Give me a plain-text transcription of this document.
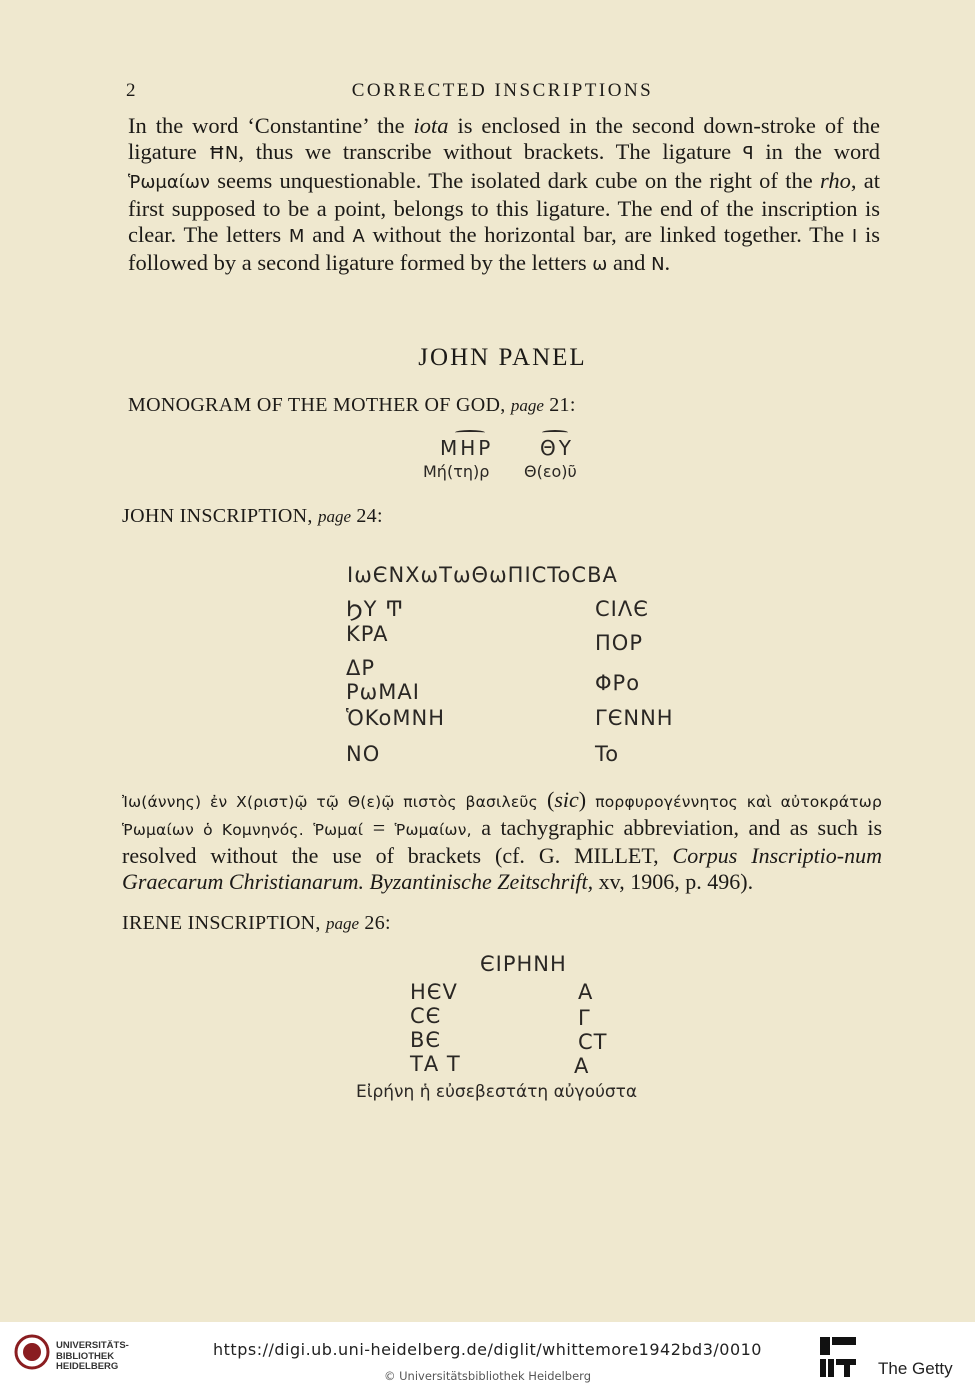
2	CORRECTED INSCRIPTIONS
In the word ‘Constantine’ the iota is enclosed in the second down-stroke of the ligature ĦN, thus we transcribe without brackets. The ligature ꟼ in the word Ῥωμαίων seems unquestionable. The isolated dark cube on the right of the rho, at first supposed to be a point, belongs to this ligature. The end of the inscription is clear. The letters M and A without the horizontal bar, are linked together. The I is followed by a second ligature formed by the letters ω and N.
JOHN PANEL
MONOGRAM OF THE MOTHER OF GOD, page 21:
MHP ΘY
Μή(τη)ρ Θ(εο)ῦ
JOHN INSCRIPTION, page 24:
IωЄNXωTωΘωΠIϹToCBA
ϦΥ Ͳ
KPA
ΔP
PωMAI
ὉKoMNH
NO
CIΛЄ
ΠOP
ΦΡo
ΓЄNNH
To
Ἰω(άννης) ἐν Χ(ριστ)ῷ τῷ Θ(ε)ῷ πιστὸς βασιλεῦς (sic) πορφυρογέννητος καὶ αὐτοκράτωρ Ῥωμαίων ὁ Κομνηνός. Ῥωμαί = Ῥωμαίων, a tachygraphic abbreviation, and as such is resolved without the use of brackets (cf. G. MILLET, Corpus Inscriptio-num Graecarum Christianarum. Byzantinische Zeitschrift, xv, 1906, p. 496).
IRENE INSCRIPTION, page 26:
ЄIPHNH
HЄV
CЄ
BЄ
ΤA Τ
A
Γ
CT
A
Εἰρήνη ἡ εὐσεβεστάτη αὐγούστα
UNIVERSITÄTS-
BIBLIOTHEK
HEIDELBERG
https://digi.ub.uni-heidelberg.de/diglit/whittemore1942bd3/0010
© Universitätsbibliothek Heidelberg	The Getty
